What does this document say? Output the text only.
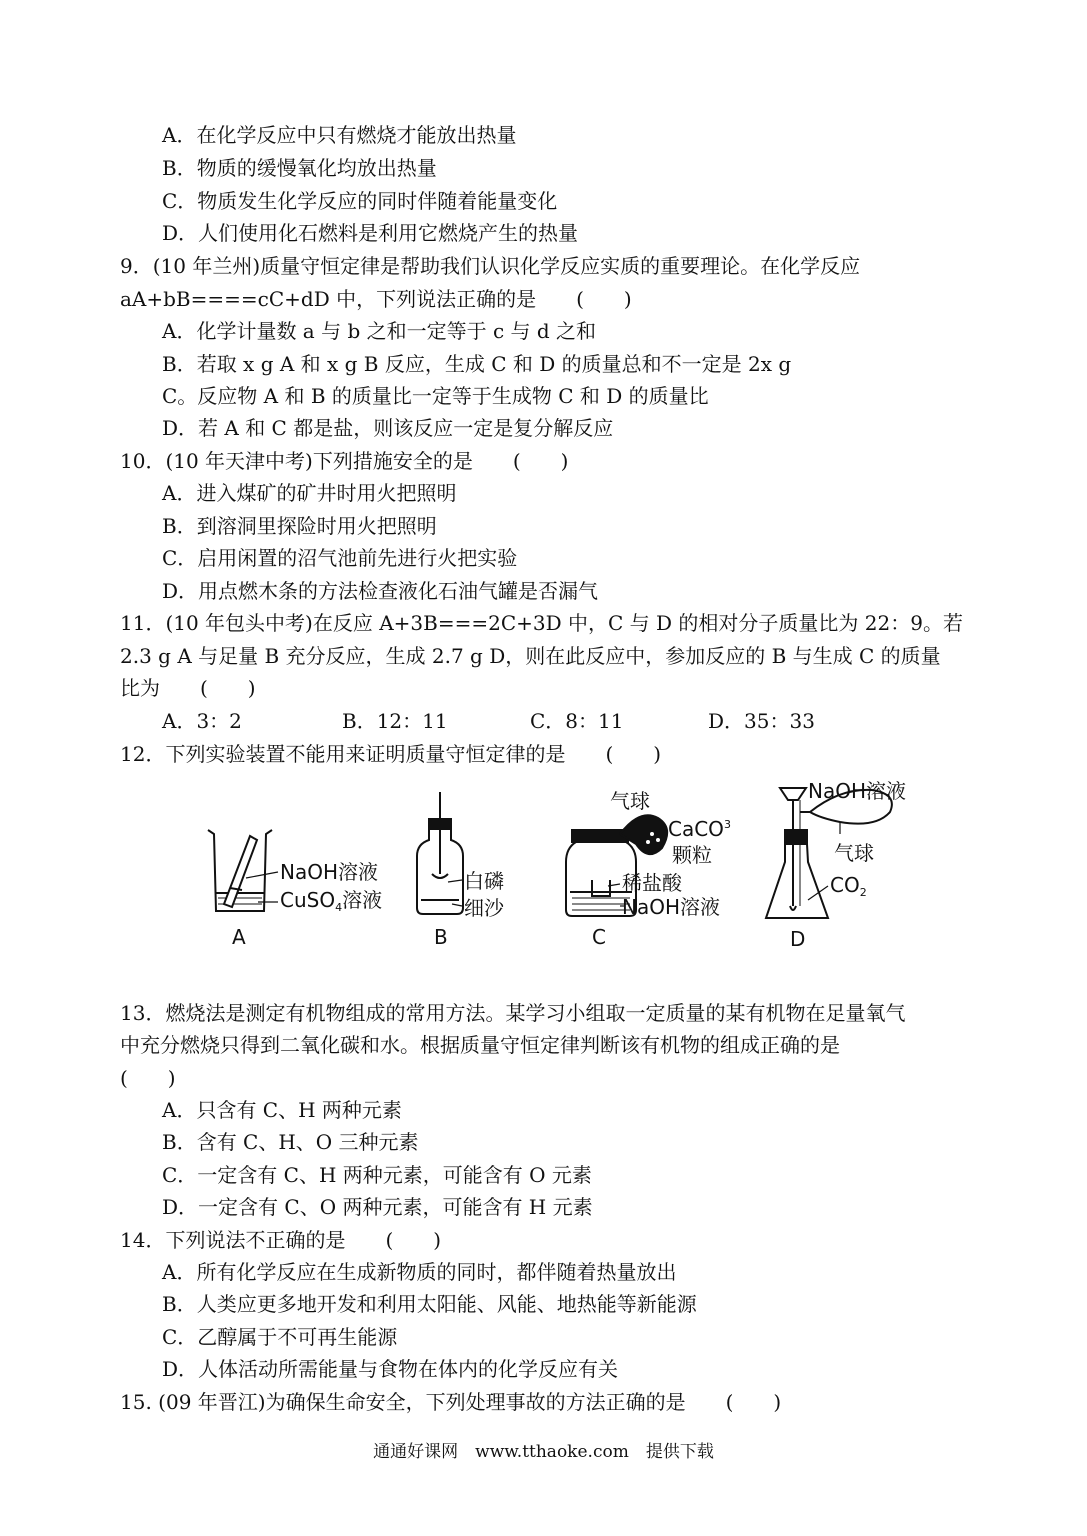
A．在化学反应中只有燃烧才能放出热量
B．物质的缓慢氧化均放出热量
C．物质发生化学反应的同时伴随着能量变化
D．人们使用化石燃料是利用它燃烧产生的热量
9．(10 年兰州)质量守恒定律是帮助我们认识化学反应实质的重要理论。在化学反应
aA+bB====cC+dD 中，下列说法正确的是　　(　　)
A．化学计量数 a 与 b 之和一定等于 c 与 d 之和
B．若取 x g A 和 x g B 反应，生成 C 和 D 的质量总和不一定是 2x g
C。反应物 A 和 B 的质量比一定等于生成物 C 和 D 的质量比
D．若 A 和 C 都是盐，则该反应一定是复分解反应
10．(10 年天津中考)下列措施安全的是　　(　　)
A．进入煤矿的矿井时用火把照明
B．到溶洞里探险时用火把照明
C．启用闲置的沼气池前先进行火把实验
D．用点燃木条的方法检查液化石油气罐是否漏气
11．(10 年包头中考)在反应 A+3B===2C+3D 中，C 与 D 的相对分子质量比为 22：9。若
2.3 g A 与足量 B 充分反应，生成 2.7 g D，则在此反应中，参加反应的 B 与生成 C 的质量
比为　　(　　)
A．3：2	B．12：11	C．8：11	D．35：33
12．下列实验装置不能用来证明质量守恒定律的是　　(　　)
NaOH溶液
CuSO$_4$溶液
A
白磷
细沙
B
气球
CaCO$^3$
颗粒
稀盐酸
NaOH溶液
C
NaOH溶液
气球
$CO_2$
D
13．燃烧法是测定有机物组成的常用方法。某学习小组取一定质量的某有机物在足量氧气
中充分燃烧只得到二氧化碳和水。根据质量守恒定律判断该有机物的组成正确的是
(　　)
A．只含有 C、H 两种元素
B．含有 C、H、O 三种元素
C．一定含有 C、H 两种元素，可能含有 O 元素
D．一定含有 C、O 两种元素，可能含有 H 元素
14．下列说法不正确的是　　(　　)
A．所有化学反应在生成新物质的同时，都伴随着热量放出
B．人类应更多地开发和利用太阳能、风能、地热能等新能源
C．乙醇属于不可再生能源
D．人体活动所需能量与食物在体内的化学反应有关
15. (09 年晋江)为确保生命安全，下列处理事故的方法正确的是　　(　　)
通通好课网　www.tthaoke.com　提供下载
